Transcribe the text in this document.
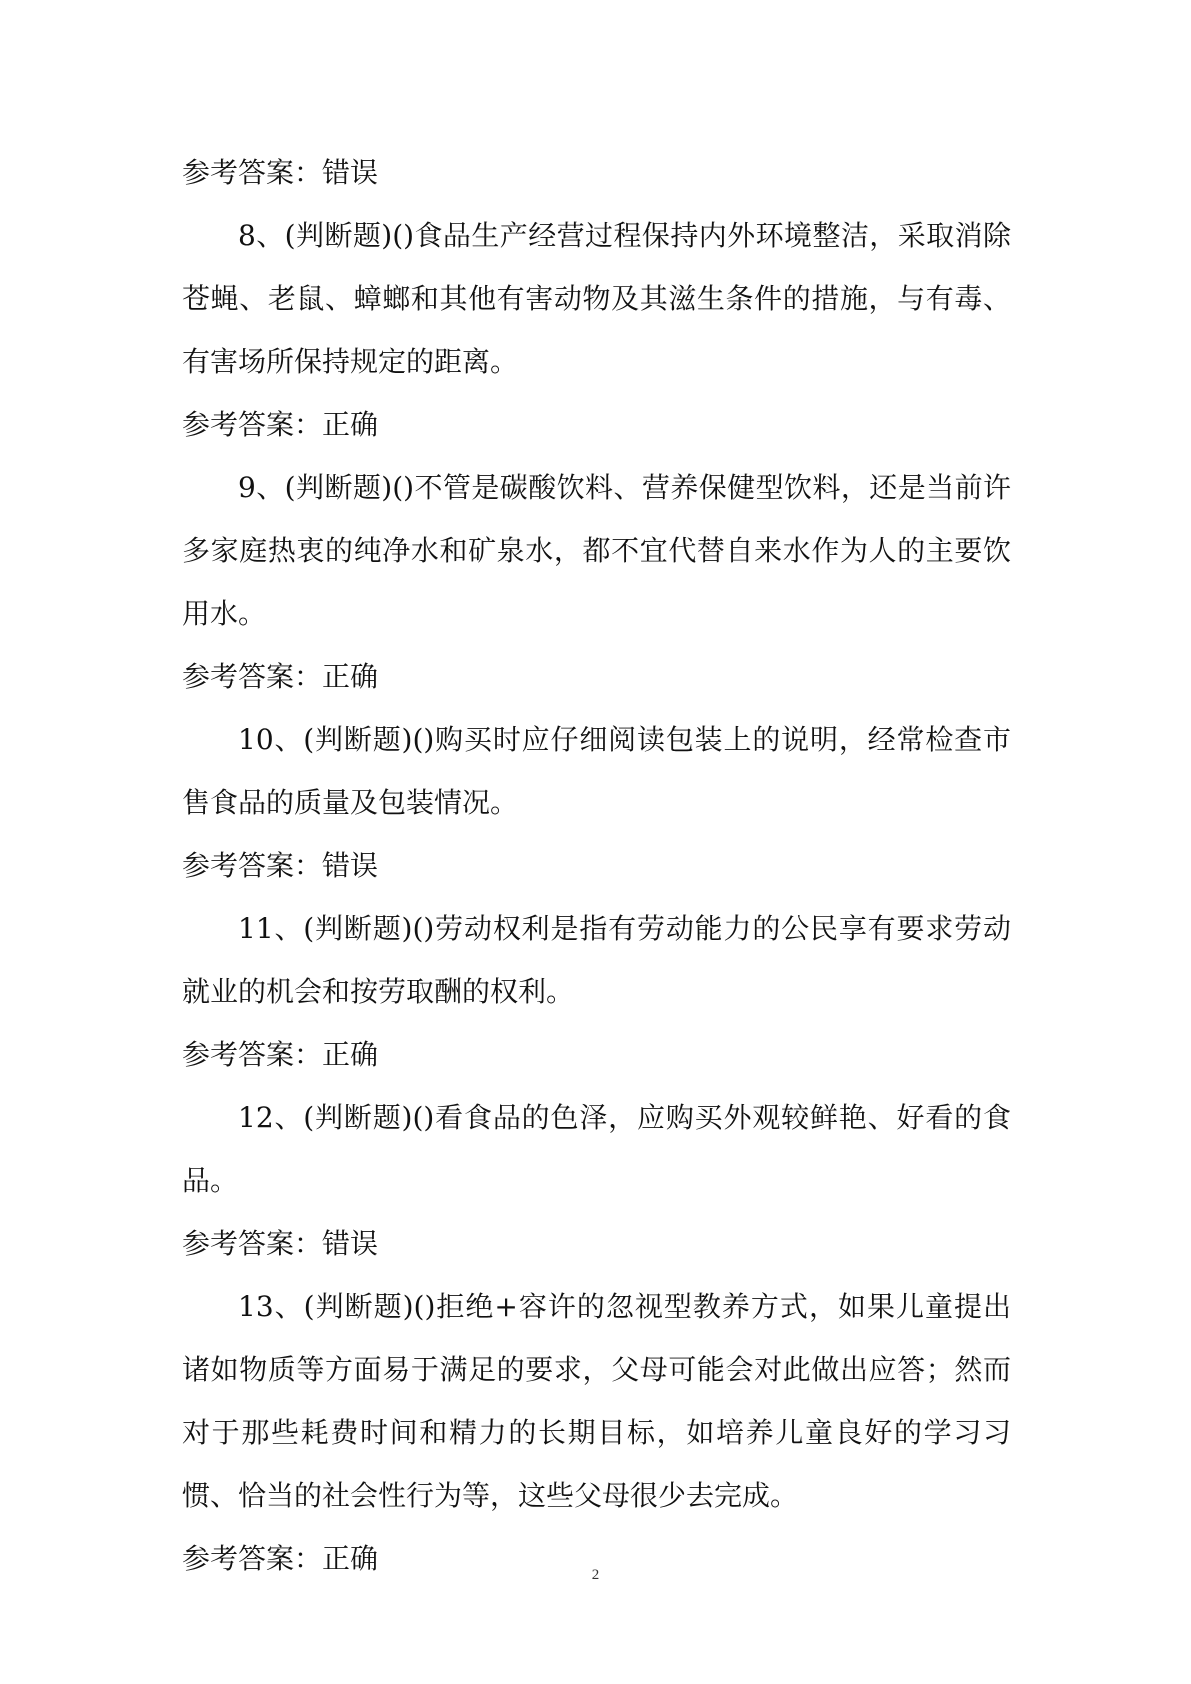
参考答案：错误

8、(判断题)()食品生产经营过程保持内外环境整洁，采取消除苍蝇、老鼠、蟑螂和其他有害动物及其滋生条件的措施，与有毒、有害场所保持规定的距离。

参考答案：正确

9、(判断题)()不管是碳酸饮料、营养保健型饮料，还是当前许多家庭热衷的纯净水和矿泉水，都不宜代替自来水作为人的主要饮用水。

参考答案：正确

10、(判断题)()购买时应仔细阅读包装上的说明，经常检查市售食品的质量及包装情况。

参考答案：错误

11、(判断题)()劳动权利是指有劳动能力的公民享有要求劳动就业的机会和按劳取酬的权利。

参考答案：正确

12、(判断题)()看食品的色泽，应购买外观较鲜艳、好看的食品。

参考答案：错误

13、(判断题)()拒绝+容许的忽视型教养方式，如果儿童提出诸如物质等方面易于满足的要求，父母可能会对此做出应答；然而对于那些耗费时间和精力的长期目标，如培养儿童良好的学习习惯、恰当的社会性行为等，这些父母很少去完成。

参考答案：正确	2
